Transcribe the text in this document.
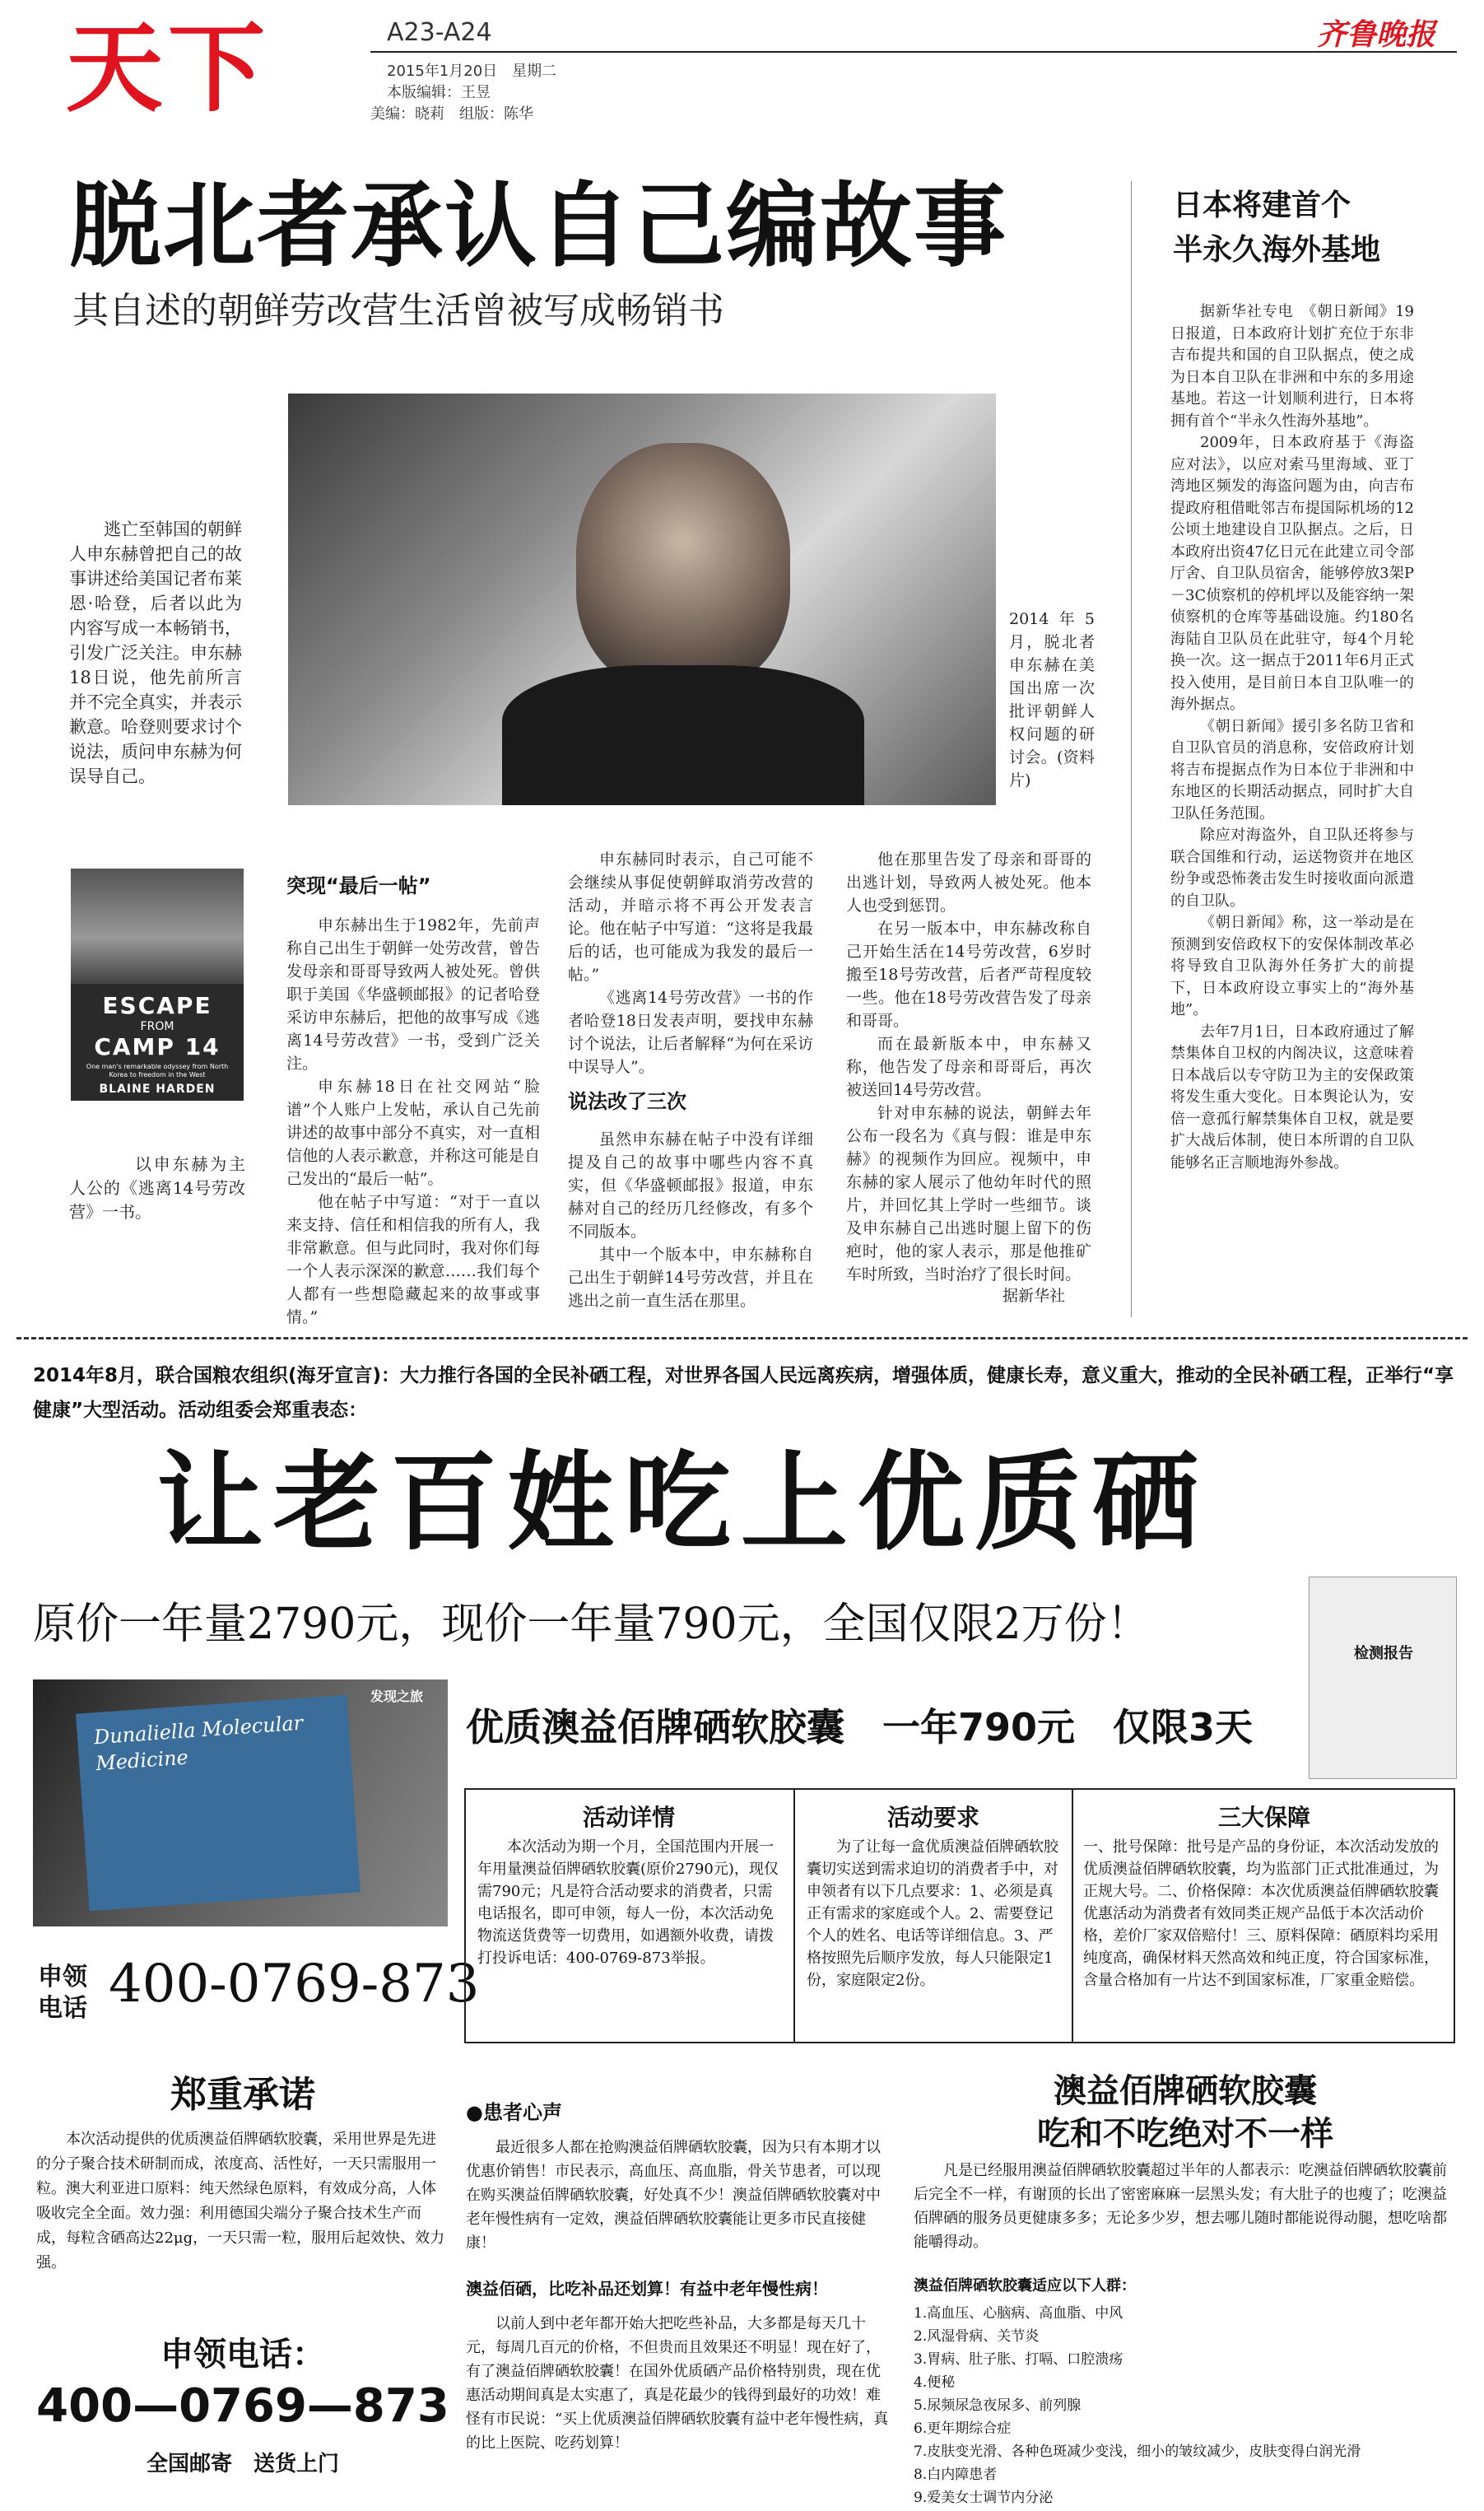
天下	A23-A24
2015年1月20日　星期二
本版编辑：王昱
美编：晓莉　组版：陈华
齐鲁晚报
脱北者承认自己编故事
其自述的朝鲜劳改营生活曾被写成畅销书
逃亡至韩国的朝鲜人申东赫曾把自己的故事讲述给美国记者布莱恩·哈登，后者以此为内容写成一本畅销书，引发广泛关注。申东赫18日说，他先前所言并不完全真实，并表示歉意。哈登则要求讨个说法，质问申东赫为何误导自己。
2014年5月，脱北者申东赫在美国出席一次批评朝鲜人权问题的研讨会。(资料片)
ESCAPE
FROM
CAMP 14
One man's remarkable odyssey from North Korea to freedom in the West
BLAINE HARDEN
以申东赫为主人公的《逃离14号劳改营》一书。
突现“最后一帖”

申东赫出生于1982年，先前声称自己出生于朝鲜一处劳改营，曾告发母亲和哥哥导致两人被处死。曾供职于美国《华盛顿邮报》的记者哈登采访申东赫后，把他的故事写成《逃离14号劳改营》一书，受到广泛关注。

申东赫18日在社交网站“脸谱”个人账户上发帖，承认自己先前讲述的故事中部分不真实，对一直相信他的人表示歉意，并称这可能是自己发出的“最后一帖”。

他在帖子中写道：“对于一直以来支持、信任和相信我的所有人，我非常歉意。但与此同时，我对你们每一个人表示深深的歉意……我们每个人都有一些想隐藏起来的故事或事情。”

申东赫同时表示，自己可能不会继续从事促使朝鲜取消劳改营的活动，并暗示将不再公开发表言论。他在帖子中写道：“这将是我最后的话，也可能成为我发的最后一帖。”

《逃离14号劳改营》一书的作者哈登18日发表声明，要找申东赫讨个说法，让后者解释“为何在采访中误导人”。

说法改了三次

虽然申东赫在帖子中没有详细提及自己的故事中哪些内容不真实，但《华盛顿邮报》报道，申东赫对自己的经历几经修改，有多个不同版本。

其中一个版本中，申东赫称自己出生于朝鲜14号劳改营，并且在逃出之前一直生活在那里。

他在那里告发了母亲和哥哥的出逃计划，导致两人被处死。他本人也受到惩罚。

在另一版本中，申东赫改称自己开始生活在14号劳改营，6岁时搬至18号劳改营，后者严苛程度较一些。他在18号劳改营告发了母亲和哥哥。

而在最新版本中，申东赫又称，他告发了母亲和哥哥后，再次被送回14号劳改营。

针对申东赫的说法，朝鲜去年公布一段名为《真与假：谁是申东赫》的视频作为回应。视频中，申东赫的家人展示了他幼年时代的照片，并回忆其上学时一些细节。谈及申东赫自己出逃时腿上留下的伤疤时，他的家人表示，那是他推矿车时所致，当时治疗了很长时间。

据新华社
日本将建首个
半永久海外基地

据新华社专电　《朝日新闻》19日报道，日本政府计划扩充位于东非吉布提共和国的自卫队据点，使之成为日本自卫队在非洲和中东的多用途基地。若这一计划顺利进行，日本将拥有首个“半永久性海外基地”。

2009年，日本政府基于《海盗应对法》，以应对索马里海域、亚丁湾地区频发的海盗问题为由，向吉布提政府租借毗邻吉布提国际机场的12公顷土地建设自卫队据点。之后，日本政府出资47亿日元在此建立司令部厅舍、自卫队员宿舍，能够停放3架P－3C侦察机的停机坪以及能容纳一架侦察机的仓库等基础设施。约180名海陆自卫队员在此驻守，每4个月轮换一次。这一据点于2011年6月正式投入使用，是目前日本自卫队唯一的海外据点。

《朝日新闻》援引多名防卫省和自卫队官员的消息称，安倍政府计划将吉布提据点作为日本位于非洲和中东地区的长期活动据点，同时扩大自卫队任务范围。

除应对海盗外，自卫队还将参与联合国维和行动，运送物资并在地区纷争或恐怖袭击发生时接收面向派遣的自卫队。

《朝日新闻》称，这一举动是在预测到安倍政权下的安保体制改革必将导致自卫队海外任务扩大的前提下，日本政府设立事实上的“海外基地”。

去年7月1日，日本政府通过了解禁集体自卫权的内阁决议，这意味着日本战后以专守防卫为主的安保政策将发生重大变化。日本舆论认为，安倍一意孤行解禁集体自卫权，就是要扩大战后体制，使日本所谓的自卫队能够名正言顺地海外参战。

2014年8月，联合国粮农组织(海牙宣言)：大力推行各国的全民补硒工程，对世界各国人民远离疾病，增强体质，健康长寿，意义重大，推动的全民补硒工程，正举行“享健康”大型活动。活动组委会郑重表态：
让老百姓吃上优质硒
原价一年量2790元，现价一年量790元，全国仅限2万份！
Dunaliella Molecular Medicine
发现之旅
检测报告
优质澳益佰牌硒软胶囊　一年790元　仅限3天
申领
电话 400-0769-873
活动详情
本次活动为期一个月，全国范围内开展一年用量澳益佰牌硒软胶囊(原价2790元)，现仅需790元；凡是符合活动要求的消费者，只需电话报名，即可申领，每人一份，本次活动免物流送货费等一切费用，如遇额外收费，请拨打投诉电话：400-0769-873举报。
活动要求
为了让每一盒优质澳益佰牌硒软胶囊切实送到需求迫切的消费者手中，对申领者有以下几点要求：1、必须是真正有需求的家庭或个人。2、需要登记个人的姓名、电话等详细信息。3、严格按照先后顺序发放，每人只能限定1份，家庭限定2份。
三大保障
一、批号保障：批号是产品的身份证，本次活动发放的优质澳益佰牌硒软胶囊，均为监部门正式批准通过，为正规大号。二、价格保障：本次优质澳益佰牌硒软胶囊优惠活动为消费者有效同类正规产品低于本次活动价格，差价厂家双倍赔付！三、原料保障：硒原料均采用纯度高，确保材料天然高效和纯正度，符合国家标准，含量合格加有一片达不到国家标准，厂家重金赔偿。
郑重承诺
本次活动提供的优质澳益佰牌硒软胶囊，采用世界是先进的分子聚合技术研制而成，浓度高、活性好，一天只需服用一粒。澳大利亚进口原料：纯天然绿色原料，有效成分高，人体吸收完全全面。效力强：利用德国尖端分子聚合技术生产而成，每粒含硒高达22μg，一天只需一粒，服用后起效快、效力强。
申领电话：
400—0769—873
全国邮寄　送货上门
●患者心声
最近很多人都在抢购澳益佰牌硒软胶囊，因为只有本期才以优惠价销售！市民表示，高血压、高血脂，骨关节患者，可以现在购买澳益佰牌硒软胶囊，好处真不少！澳益佰牌硒软胶囊对中老年慢性病有一定效，澳益佰牌硒软胶囊能让更多市民直接健康！
澳益佰硒，比吃补品还划算！有益中老年慢性病！
以前人到中老年都开始大把吃些补品，大多都是每天几十元，每周几百元的价格，不但贵而且效果还不明显！现在好了，有了澳益佰牌硒软胶囊！在国外优质硒产品价格特别贵，现在优惠活动期间真是太实惠了，真是花最少的钱得到最好的功效！难怪有市民说：“买上优质澳益佰牌硒软胶囊有益中老年慢性病，真的比上医院、吃药划算！
澳益佰牌硒软胶囊
吃和不吃绝对不一样
凡是已经服用澳益佰牌硒软胶囊超过半年的人都表示：吃澳益佰牌硒软胶囊前后完全不一样，有谢顶的长出了密密麻麻一层黑头发；有大肚子的也瘦了；吃澳益佰牌硒的服务员更健康多多；无论多少岁，想去哪儿随时都能说得动腿，想吃啥都能嚼得动。
澳益佰牌硒软胶囊适应以下人群：
1.高血压、心脑病、高血脂、中风
2.风湿骨病、关节炎
3.胃病、肚子胀、打嗝、口腔溃疡
4.便秘
5.尿频尿急夜尿多、前列腺
6.更年期综合症
7.皮肤变光滑、各种色斑减少变浅，细小的皱纹减少，皮肤变得白润光滑
8.白内障患者
9.爱美女士调节内分泌
